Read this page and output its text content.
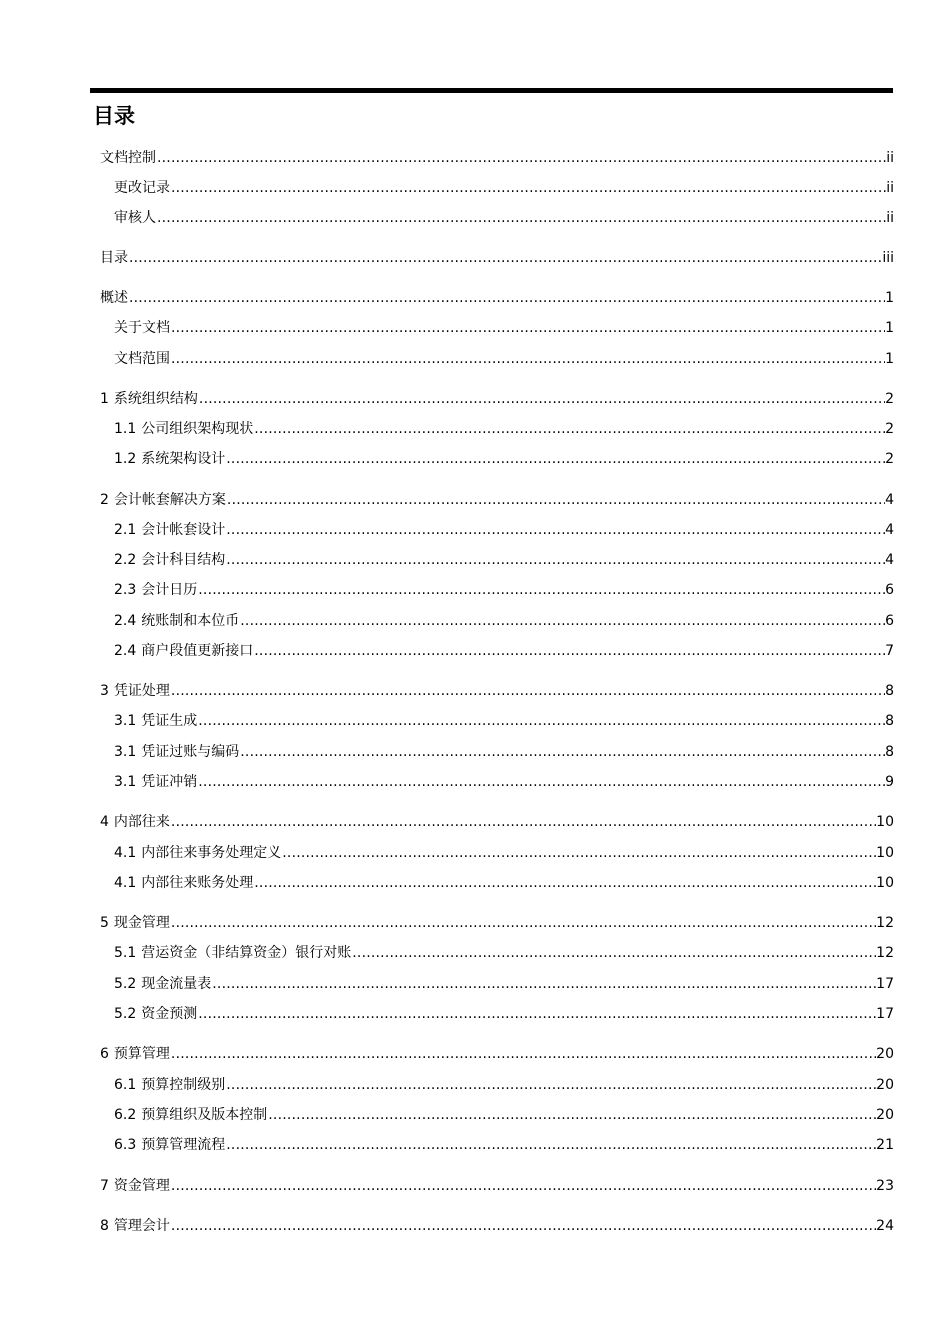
目录
文档控制 .....	ii
更改记录 .....	ii
审核人 .....	ii
目录 .....	iii
概述 .....	1
关于文档 .....	1
文档范围 .....	1
1 系统组织结构 .....	2
1.1 公司组织架构现状 .....	2
1.2 系统架构设计 .....	2
2 会计帐套解决方案 .....	4
2.1 会计帐套设计 .....	4
2.2 会计科目结构 .....	4
2.3 会计日历 .....	6
2.4 统账制和本位币 .....	6
2.4 商户段值更新接口 .....	7
3 凭证处理 .....	8
3.1 凭证生成 .....	8
3.1 凭证过账与编码 .....	8
3.1 凭证冲销 .....	9
4 内部往来 .....	10
4.1 内部往来事务处理定义 .....	10
4.1 内部往来账务处理 .....	10
5 现金管理 .....	12
5.1 营运资金（非结算资金）银行对账 .....	12
5.2 现金流量表 .....	17
5.2 资金预测 .....	17
6 预算管理 .....	20
6.1 预算控制级别 .....	20
6.2 预算组织及版本控制 .....	20
6.3 预算管理流程 .....	21
7 资金管理 .....	23
8 管理会计 .....	24
